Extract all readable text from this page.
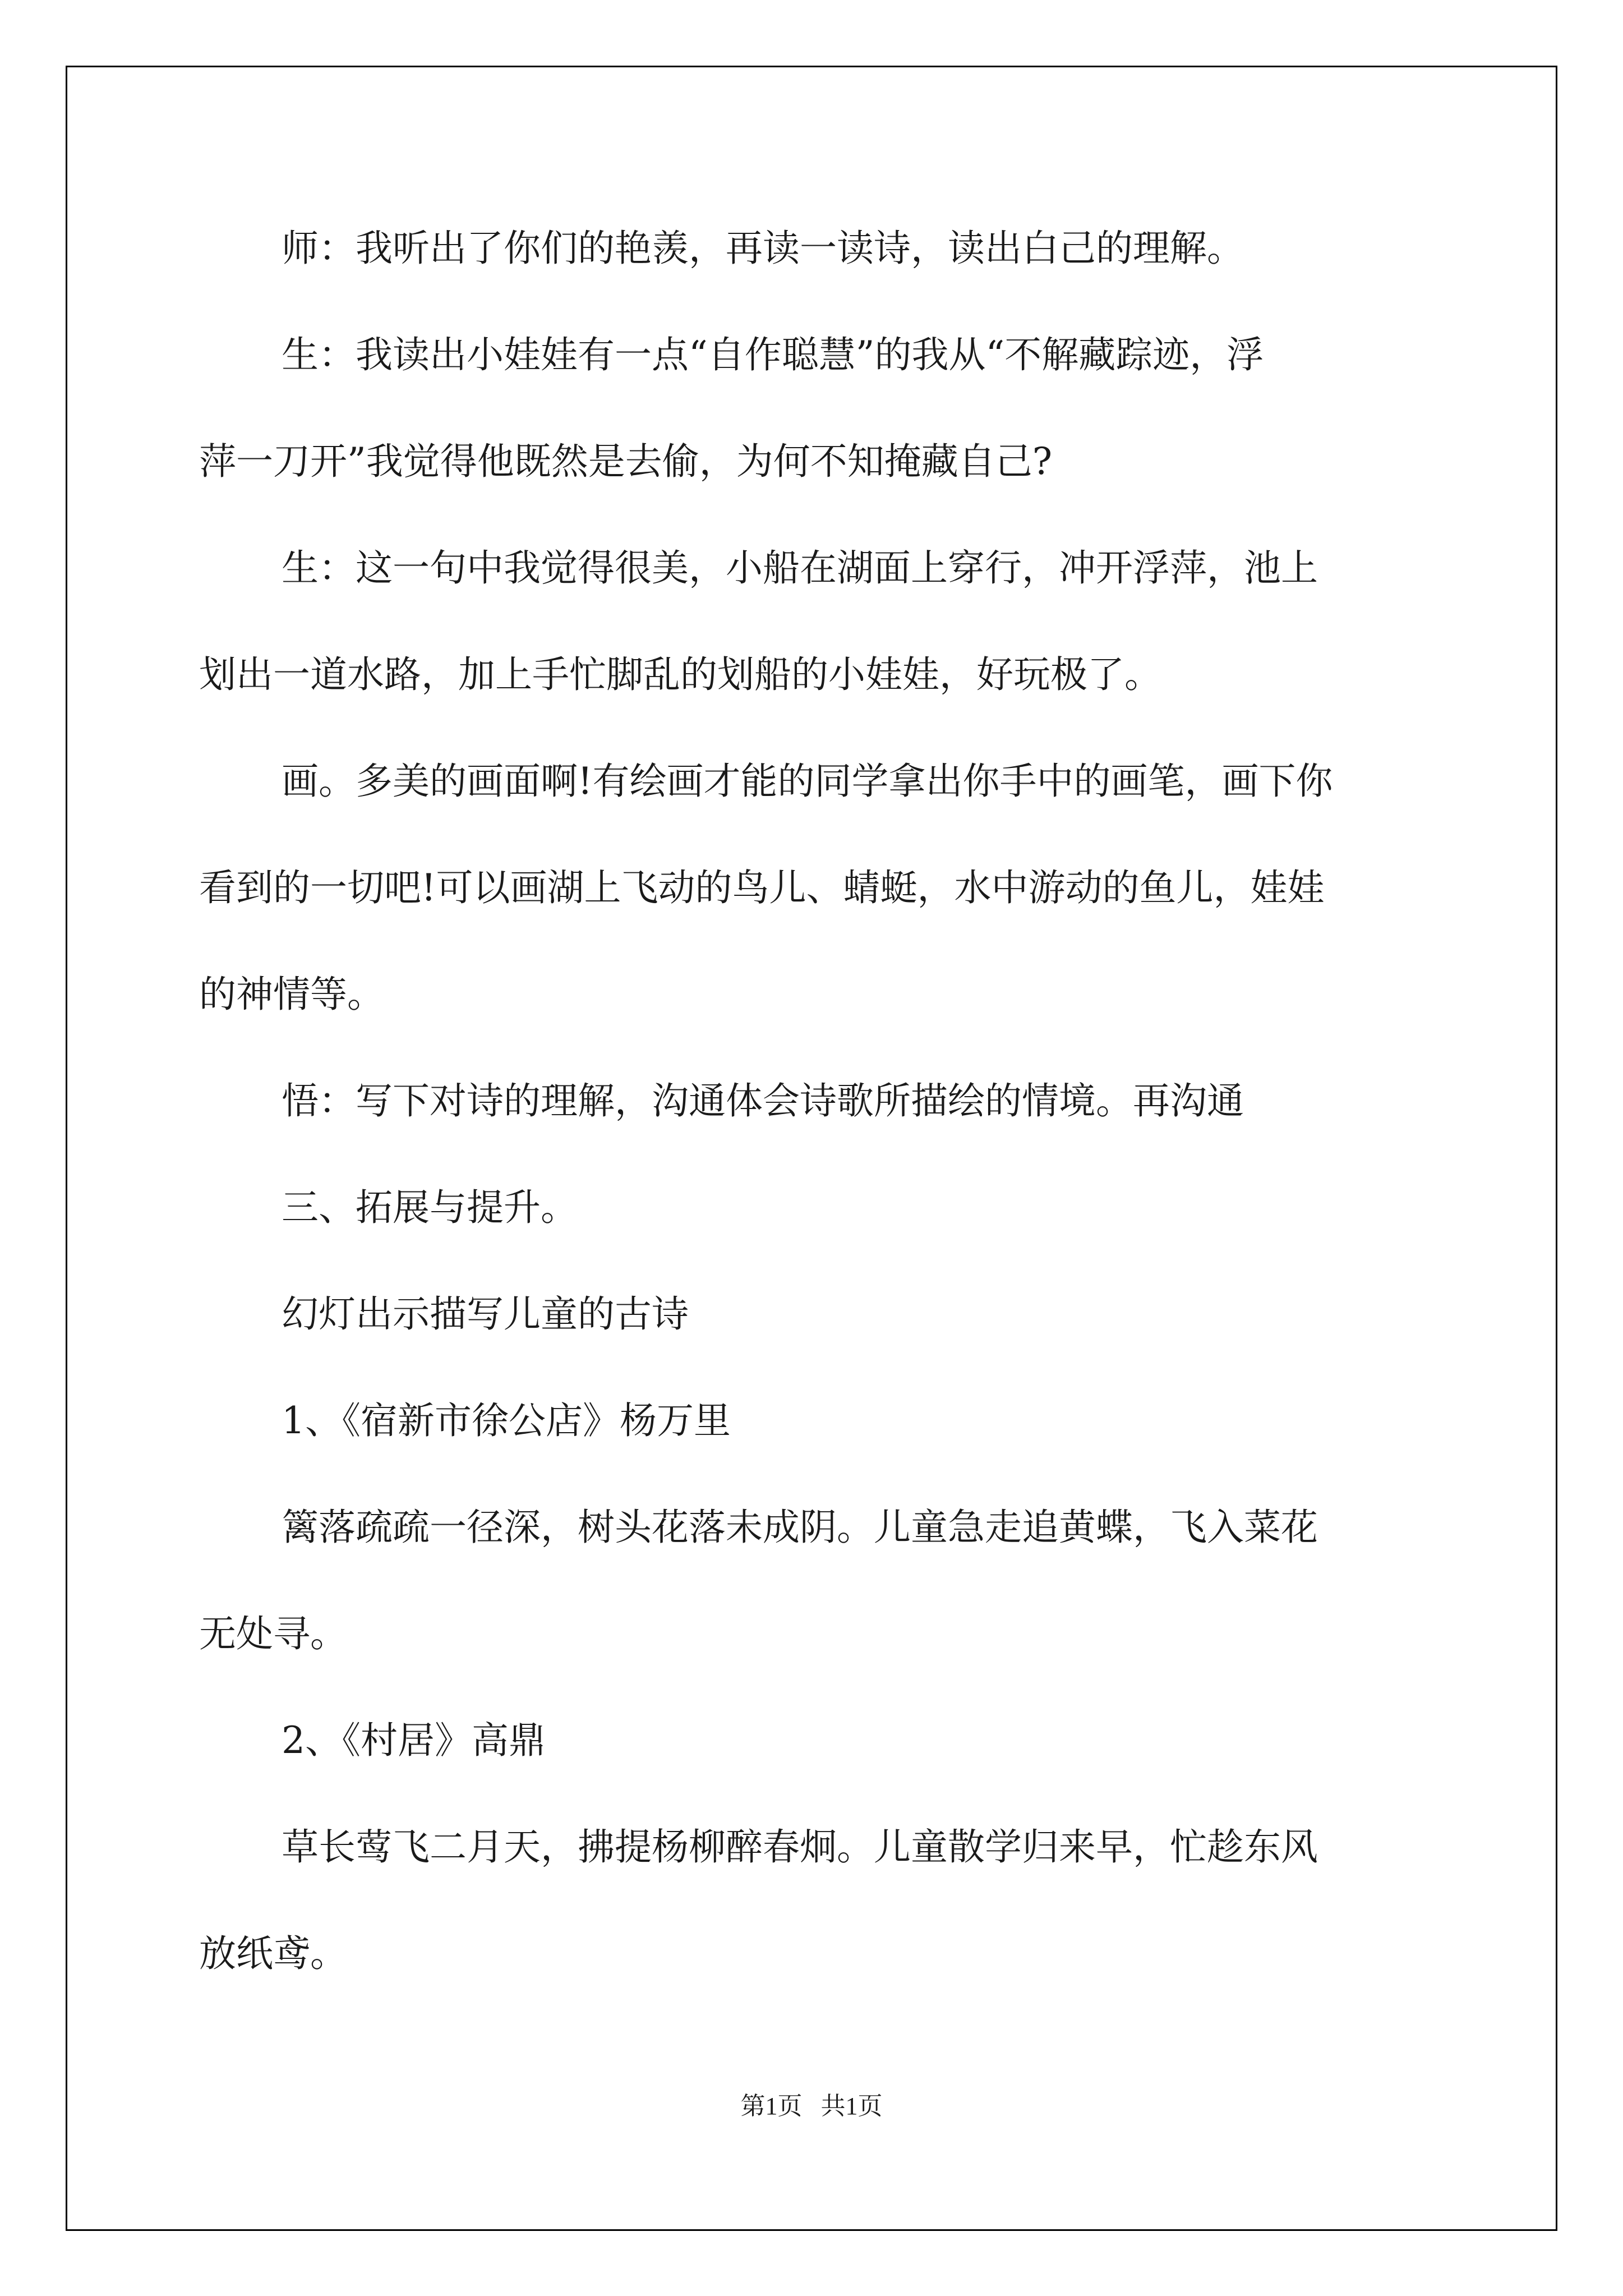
师：我听出了你们的艳羡，再读一读诗，读出白己的理解。

生：我读出小娃娃有一点“自作聪慧”的我从“不解藏踪迹，浮

萍一刀开”我觉得他既然是去偷，为何不知掩藏自己?

生：这一句中我觉得很美，小船在湖面上穿行，冲开浮萍，池上

划出一道水路，加上手忙脚乱的划船的小娃娃，好玩极了。

画。多美的画面啊!有绘画才能的同学拿出你手中的画笔，画下你

看到的一切吧!可以画湖上飞动的鸟儿、蜻蜓，水中游动的鱼儿，娃娃

的神情等。

悟：写下对诗的理解，沟通体会诗歌所描绘的情境。再沟通

三、拓展与提升。

幻灯出示描写儿童的古诗

1、《宿新市徐公店》杨万里

篱落疏疏一径深，树头花落未成阴。儿童急走追黄蝶，飞入菜花

无处寻。

2、《村居》高鼎

草长莺飞二月天，拂提杨柳醉春炯。儿童散学归来早，忙趁东风

放纸鸢。

第1页   共1页
